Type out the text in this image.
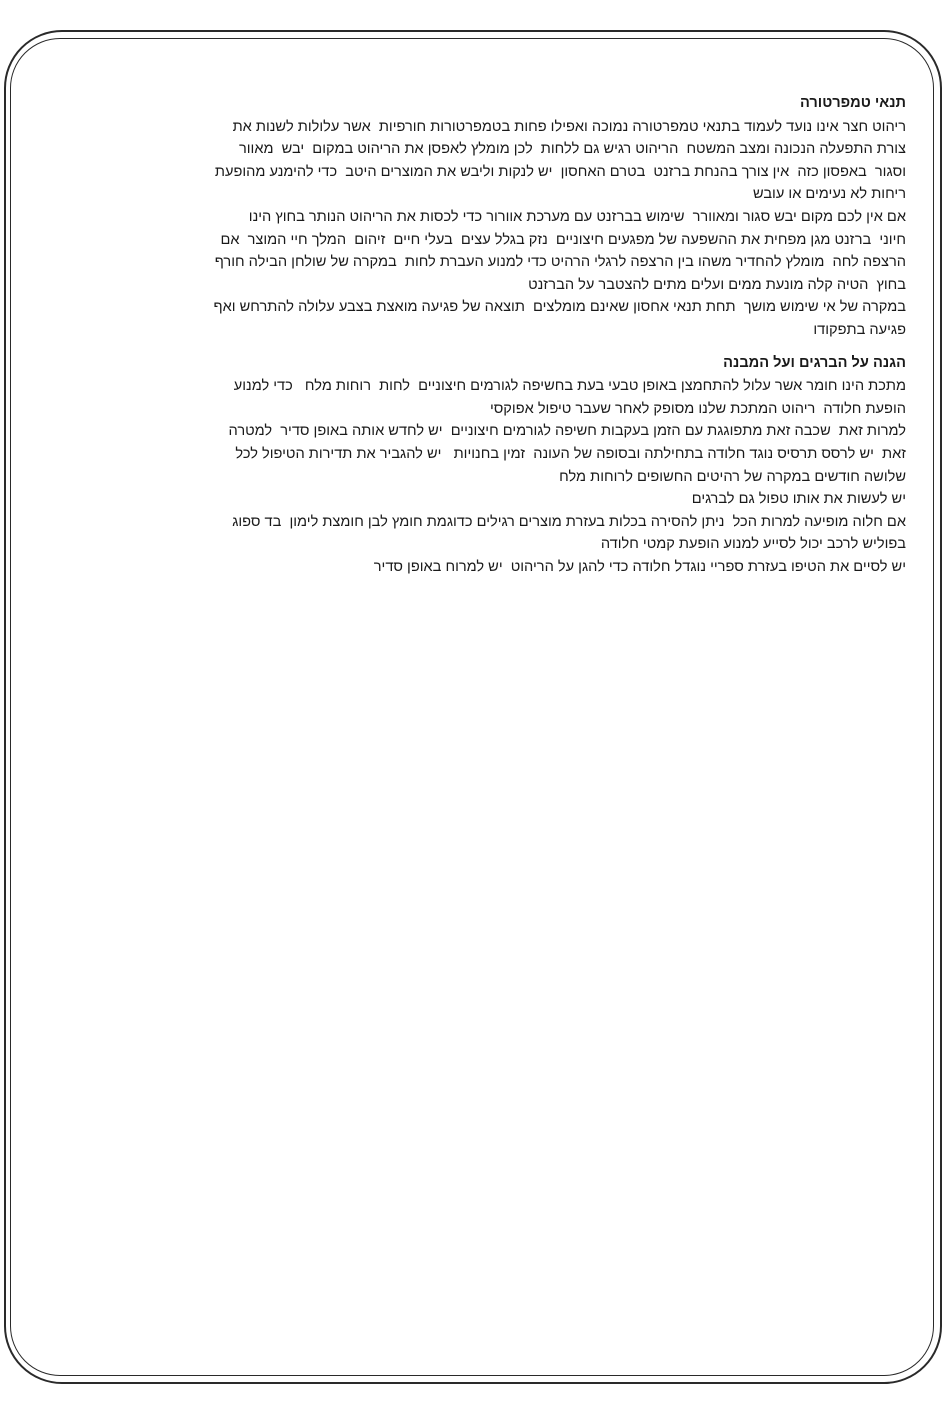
תנאי טמפרטורה
ריהוט חצר אינו נועד לעמוד בתנאי טמפרטורה נמוכה ואפילו פחות בטמפרטורות חורפיות  אשר עלולות לשנות את
צורת התפעלה הנכונה ומצב המשטח  הריהוט רגיש גם ללחות  לכן מומלץ לאפסן את הריהוט במקום  יבש  מאוור
וסגור  באפסון כזה  אין צורך בהנחת ברזנט  בטרם האחסון  יש לנקות וליבש את המוצרים היטב  כדי להימנע מהופעת
ריחות לא נעימים או עובש
אם אין לכם מקום יבש סגור ומאוורר  שימוש בברזנט עם מערכת אוורור כדי לכסות את הריהוט הנותר בחוץ הינו
חיוני  ברזנט מגן מפחית את ההשפעה של מפגעים חיצוניים  נזק בגלל עצים  בעלי חיים  זיהום  המלך חיי המוצר  אם
הרצפה לחה  מומלץ להחדיר משהו בין הרצפה לרגלי הרהיט כדי למנוע העברת לחות  במקרה של שולחן הבילה חורף
בחוץ  הטיה קלה מונעת ממים ועלים מתים להצטבר על הברזנט
במקרה של אי שימוש מושך  תחת תנאי אחסון שאינם מומלצים  תוצאה של פגיעה מואצת בצבע עלולה להתרחש ואף
פגיעה בתפקודו
הגנה על הברגים ועל המבנה
מתכת הינו חומר אשר עלול להתחמצן באופן טבעי בעת בחשיפה לגורמים חיצוניים  לחות  רוחות מלח   כדי למנוע
הופעת חלודה  ריהוט המתכת שלנו מסופק לאחר שעבר טיפול אפוקסי
למרות זאת  שכבה זאת מתפוגגת עם הזמן בעקבות חשיפה לגורמים חיצוניים  יש לחדש אותה באופן סדיר  למטרה
זאת  יש לרסס תרסיס נוגד חלודה בתחילתה ובסופה של העונה  זמין בחנויות   יש להגביר את תדירות הטיפול לכל
שלושה חודשים במקרה של רהיטים החשופים לרוחות מלח
יש לעשות את אותו טפול גם לברגים
אם חלוה מופיעה למרות הכל  ניתן להסירה בכלות בעזרת מוצרים רגילים כדוגמת חומץ לבן חומצת לימון  בד ספוג
בפוליש לרכב יכול לסייע למנוע הופעת קמטי חלודה
יש לסיים את הטיפו בעזרת ספריי נוגדל חלודה כדי להגן על הריהוט  יש למרוח באופן סדיר
